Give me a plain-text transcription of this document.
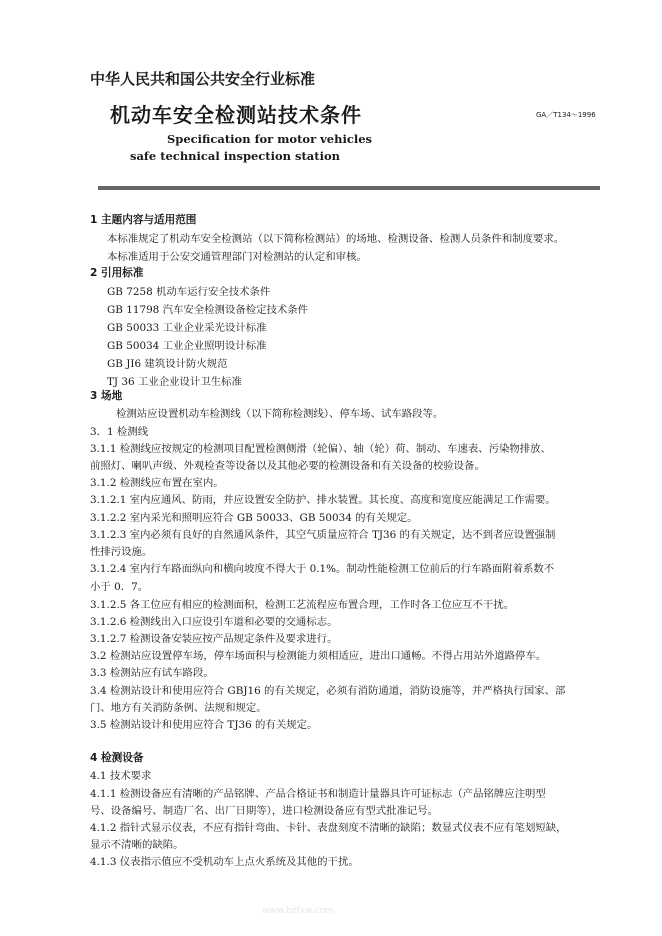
中华人民共和国公共安全行业标准
机动车安全检测站技术条件	GA／T134～1996
Specification for motor vehicles
safe technical inspection station
1 主题内容与适用范围
本标准规定了机动车安全检测站（以下简称检测站）的场地、检测设备、检测人员条件和制度要求。
本标准适用于公安交通管理部门对检测站的认定和审核。
2 引用标准
GB 7258 机动车运行安全技术条件
GB 11798 汽车安全检测设备检定技术条件
GB 50033 工业企业采光设计标准
GB 50034 工业企业照明设计标准
GB JI6 建筑设计防火规范
TJ 36 工业企业设计卫生标准
3 场地
检测站应设置机动车检测线（以下简称检测线）、停车场、试车路段等。
3．1 检测线
3.1.1 检测线应按规定的检测项目配置检测侧滑（轮偏）、轴（轮）荷、制动、车速表、污染物排放、
前照灯、喇叭声级、外观检查等设备以及其他必要的检测设备和有关设备的校验设备。
3.1.2 检测线应布置在室内。
3.1.2.1 室内应通风、防雨，并应设置安全防护、排水装置。其长度、高度和宽度应能满足工作需要。
3.1.2.2 室内采光和照明应符合 GB 50033、GB 50034 的有关规定。
3.1.2.3 室内必须有良好的自然通风条件，其空气质量应符合 TJ36 的有关规定，达不到者应设置强制
性排污设施。
3.1.2.4 室内行车路面纵向和横向坡度不得大于 0.1%。制动性能检测工位前后的行车路面附着系数不
小于 0．7。
3.1.2.5 各工位应有相应的检测面积，检测工艺流程应布置合理，工作时各工位应互不干扰。
3.1.2.6 检测线出入口应设引车道和必要的交通标志。
3.1.2.7 检测设备安装应按产品规定条件及要求进行。
3.2 检测站应设置停车场，停车场面积与检测能力须相适应，进出口通畅。不得占用站外道路停车。
3.3 检测站应有试车路段。
3.4 检测站设计和使用应符合 GBJ16 的有关规定，必须有消防通道，消防设施等，并严格执行国家、部
门、地方有关消防条例、法规和规定。
3.5 检测站设计和使用应符合 TJ36 的有关规定。
4 检测设备
4.1 技术要求
4.1.1 检测设备应有清晰的产品铭牌、产品合格证书和制造计量器具许可证标志（产品铭牌应注明型
号、设备编号、制造厂名、出厂日期等），进口检测设备应有型式批准记号。
4.1.2 指针式显示仪表，不应有指针弯曲、卡针、表盘刻度不清晰的缺陷；数显式仪表不应有笔划短缺，
显示不清晰的缺陷。
4.1.3 仪表指示值应不受机动车上点火系统及其他的干扰。
www.bzfxw.com
